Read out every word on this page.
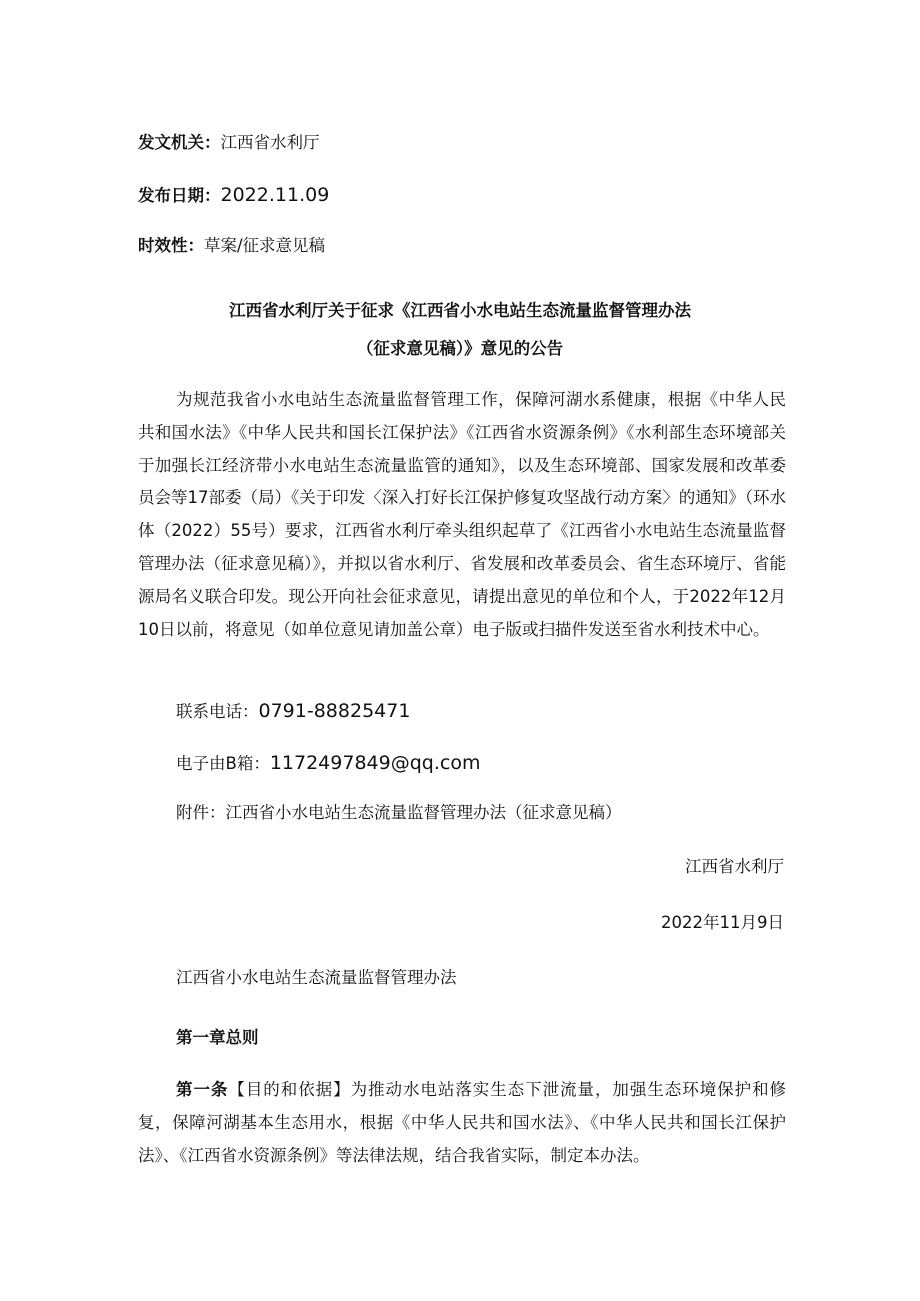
发文机关：江西省水利厅
发布日期：2022.11.09
时效性：草案/征求意见稿
江西省水利厅关于征求《江西省小水电站生态流量监督管理办法
（征求意见稿）》意见的公告

为规范我省小水电站生态流量监督管理工作，保障河湖水系健康，根据《中华人民共和国水法》《中华人民共和国长江保护法》《江西省水资源条例》《水利部生态环境部关于加强长江经济带小水电站生态流量监管的通知》，以及生态环境部、国家发展和改革委员会等17部委（局）《关于印发〈深入打好长江保护修复攻坚战行动方案〉的通知》（环水体（2022）55号）要求，江西省水利厅牵头组织起草了《江西省小水电站生态流量监督管理办法（征求意见稿）》，并拟以省水利厅、省发展和改革委员会、省生态环境厅、省能源局名义联合印发。现公开向社会征求意见，请提出意见的单位和个人，于2022年12月10日以前，将意见（如单位意见请加盖公章）电子版或扫描件发送至省水利技术中心。

联系电话：0791-88825471
电子由B箱：1172497849@qq.com
附件：江西省小水电站生态流量监督管理办法（征求意见稿）
江西省水利厅
2022年11月9日
江西省小水电站生态流量监督管理办法
第一章总则

第一条【目的和依据】为推动水电站落实生态下泄流量，加强生态环境保护和修复，保障河湖基本生态用水，根据《中华人民共和国水法》、《中华人民共和国长江保护法》、《江西省水资源条例》等法律法规，结合我省实际，制定本办法。
